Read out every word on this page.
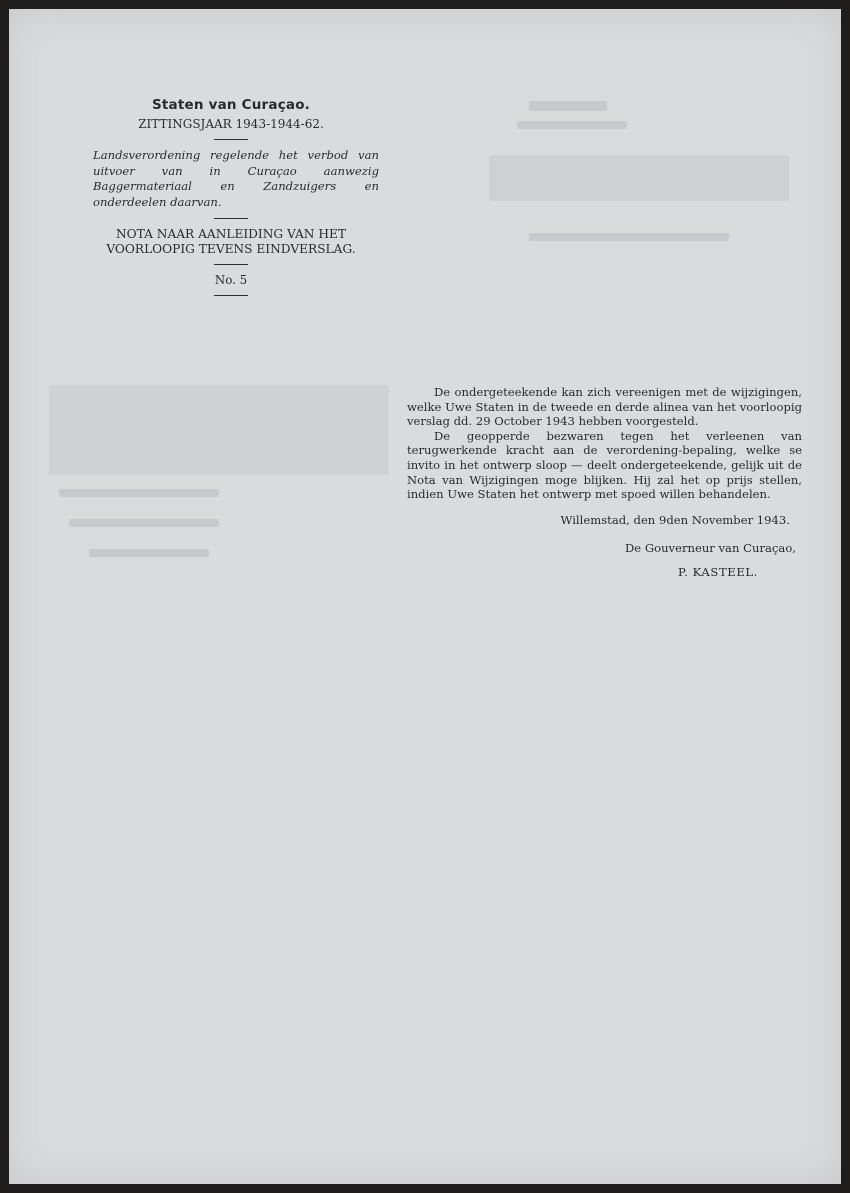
Staten van Curaçao.
ZITTINGSJAAR 1943-1944-62.
Landsverordening regelende het verbod van uitvoer van in Curaçao aanwezig Baggermateriaal en Zandzuigers en onderdeelen daarvan.
NOTA NAAR AANLEIDING VAN HET VOORLOOPIG TEVENS EINDVERSLAG.
No. 5

De ondergeteekende kan zich vereenigen met de wijzigingen, welke Uwe Staten in de tweede en derde alinea van het voorloopig verslag dd. 29 October 1943 hebben voorgesteld.

De geopperde bezwaren tegen het verleenen van terugwerkende kracht aan de verordening-bepaling, welke se invito in het ontwerp sloop — deelt ondergeteekende, gelijk uit de Nota van Wijzigingen moge blijken. Hij zal het op prijs stellen, indien Uwe Staten het ontwerp met spoed willen behandelen.

Willemstad, den 9den November 1943.
De Gouverneur van Curaçao,
P. KASTEEL.
